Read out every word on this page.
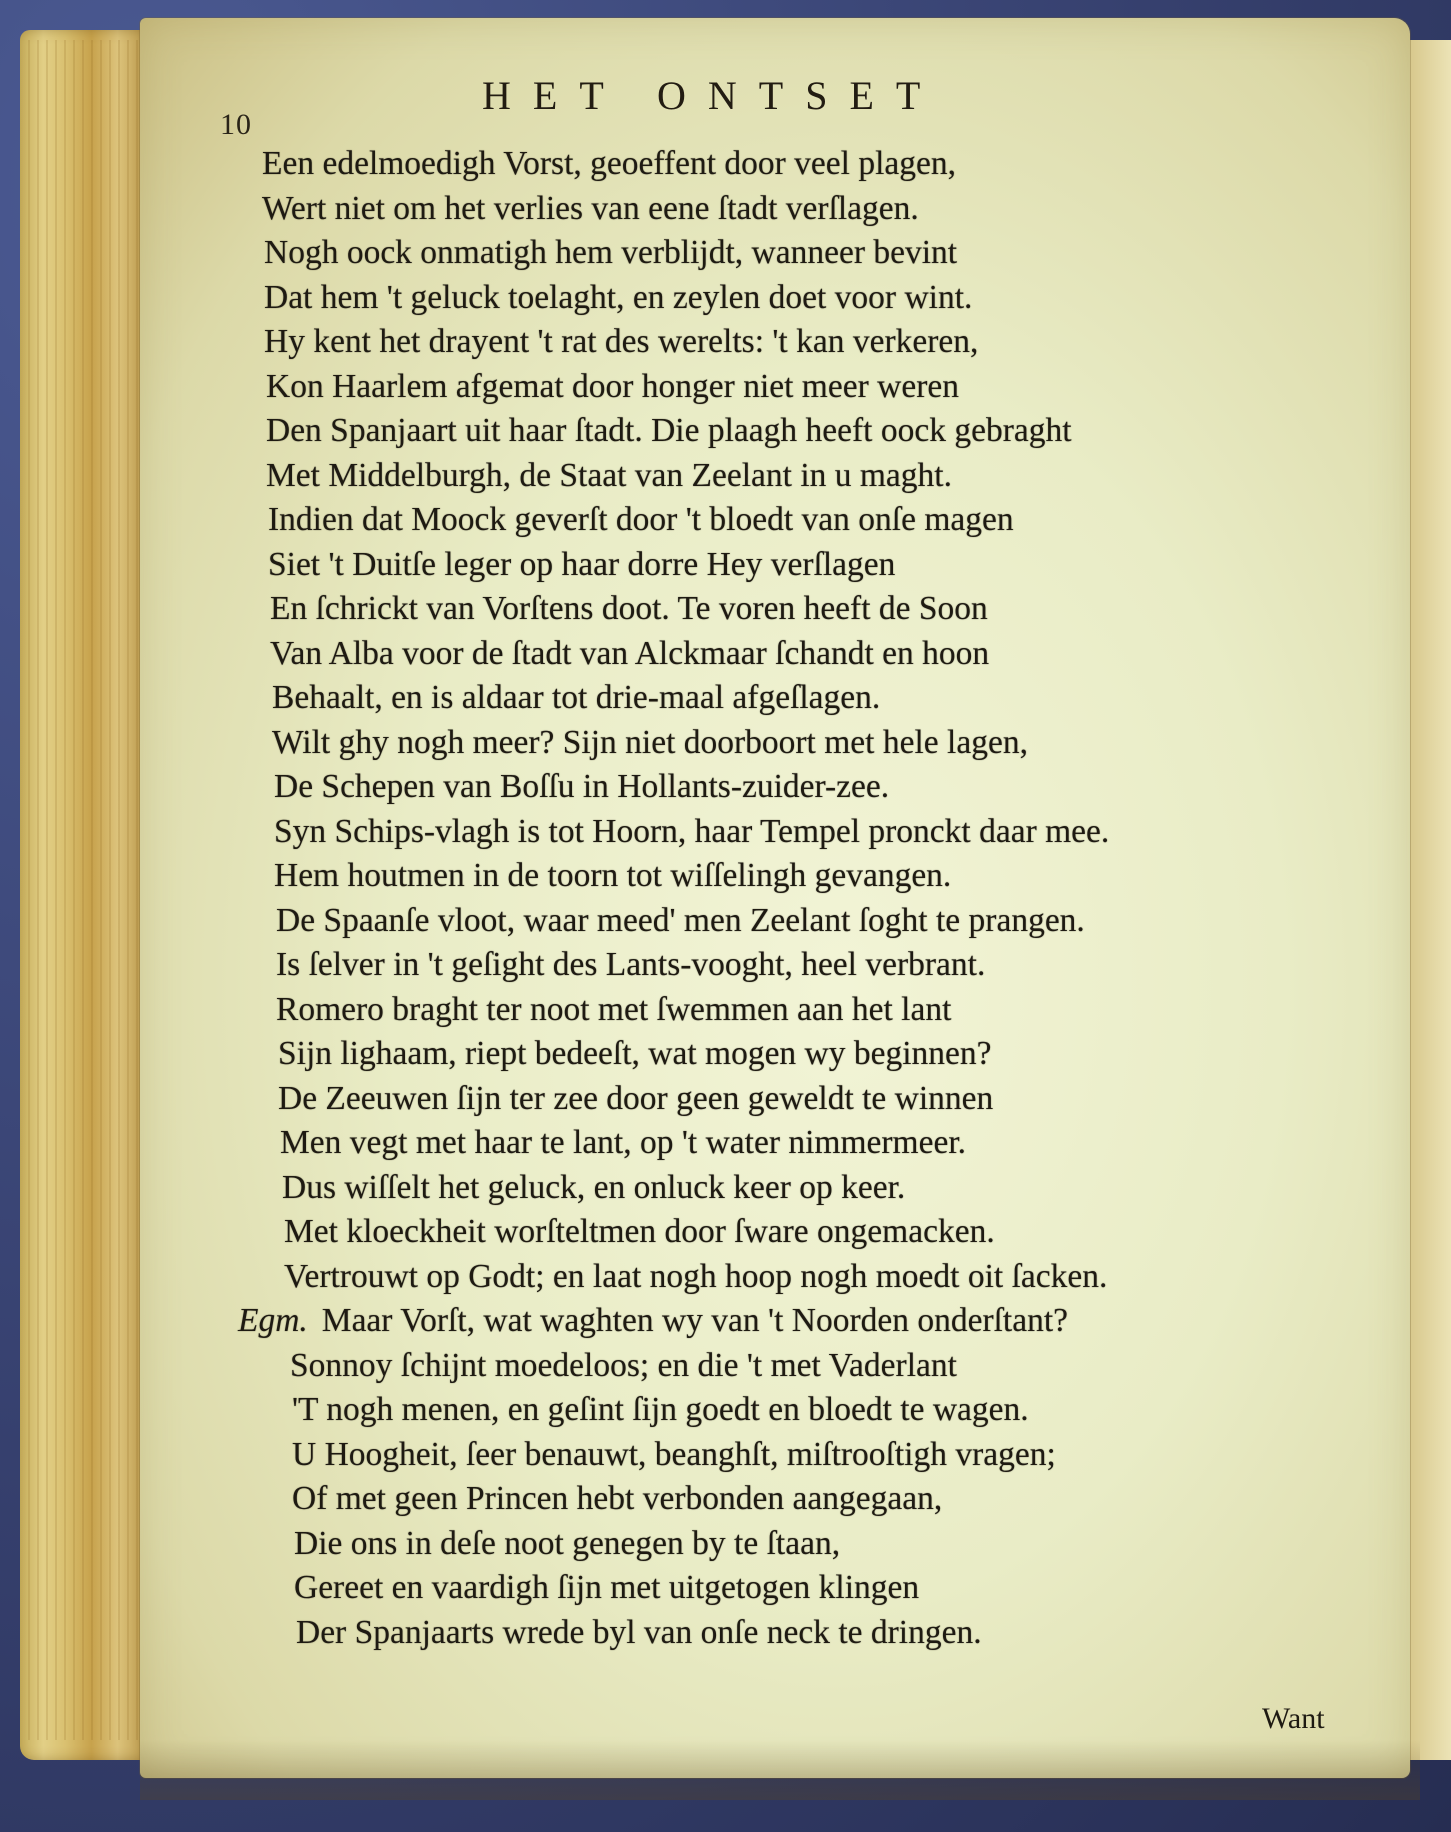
10
HET ONTSET
Een edelmoedigh Vorst, geoeffent door veel plagen,
Wert niet om het verlies van eene ſtadt verſlagen.
Nogh oock onmatigh hem verblijdt, wanneer bevint
Dat hem 't geluck toelaght, en zeylen doet voor wint.
Hy kent het drayent 't rat des werelts: 't kan verkeren,
Kon Haarlem afgemat door honger niet meer weren
Den Spanjaart uit haar ſtadt. Die plaagh heeft oock gebraght
Met Middelburgh, de Staat van Zeelant in u maght.
Indien dat Moock geverſt door 't bloedt van onſe magen
Siet 't Duitſe leger op haar dorre Hey verſlagen
En ſchrickt van Vorſtens doot. Te voren heeft de Soon
Van Alba voor de ſtadt van Alckmaar ſchandt en hoon
Behaalt, en is aldaar tot drie-maal afgeſlagen.
Wilt ghy nogh meer? Sijn niet doorboort met hele lagen,
De Schepen van Boſſu in Hollants-zuider-zee.
Syn Schips-vlagh is tot Hoorn, haar Tempel pronckt daar mee.
Hem houtmen in de toorn tot wiſſelingh gevangen.
De Spaanſe vloot, waar meed' men Zeelant ſoght te prangen.
Is ſelver in 't geſight des Lants-vooght, heel verbrant.
Romero braght ter noot met ſwemmen aan het lant
Sijn lighaam, riept bedeeſt, wat mogen wy beginnen?
De Zeeuwen ſijn ter zee door geen geweldt te winnen
Men vegt met haar te lant, op 't water nimmermeer.
Dus wiſſelt het geluck, en onluck keer op keer.
Met kloeckheit worſteltmen door ſware ongemacken.
Vertrouwt op Godt; en laat nogh hoop nogh moedt oit ſacken.
Egm. Maar Vorſt, wat waghten wy van 't Noorden onderſtant?
Sonnoy ſchijnt moedeloos; en die 't met Vaderlant
'T nogh menen, en geſint ſijn goedt en bloedt te wagen.
U Hoogheit, ſeer benauwt, beanghſt, miſtrooſtigh vragen;
Of met geen Princen hebt verbonden aangegaan,
Die ons in deſe noot genegen by te ſtaan,
Gereet en vaardigh ſijn met uitgetogen klingen
Der Spanjaarts wrede byl van onſe neck te dringen.
Want
